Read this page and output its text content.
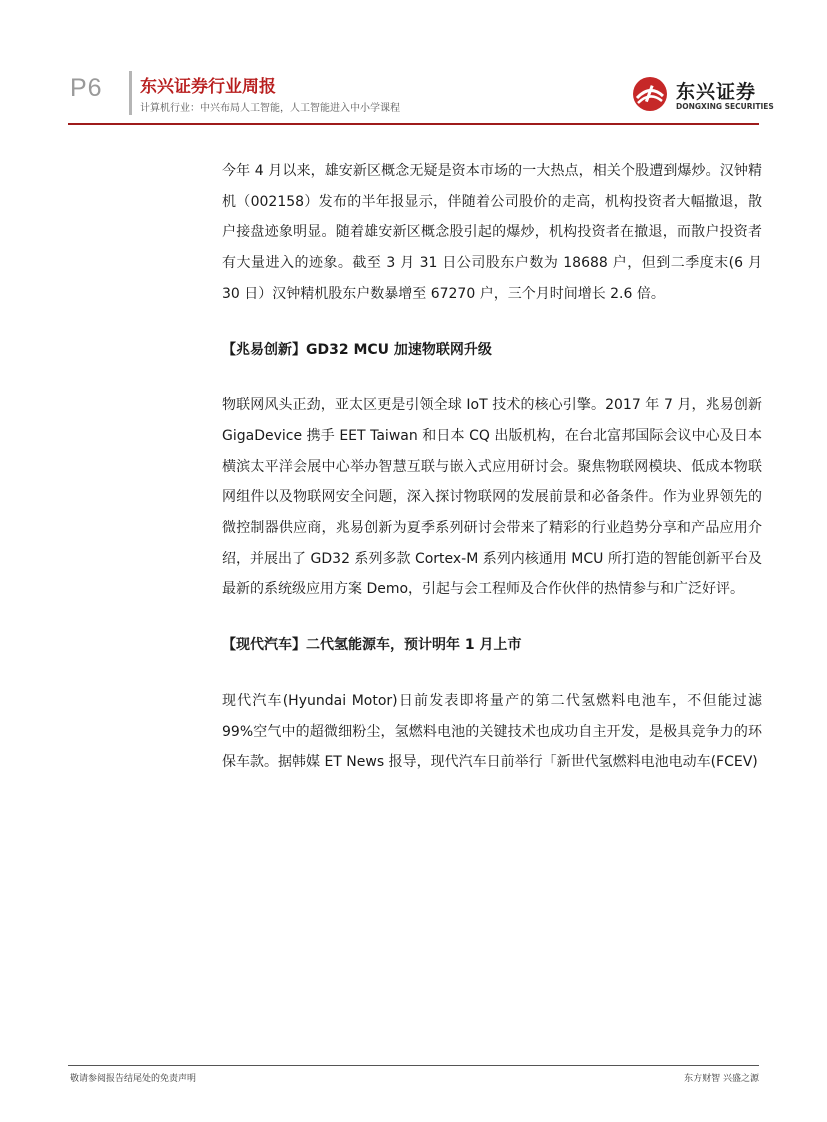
P6 东兴证券行业周报
计算机行业：中兴布局人工智能，人工智能进入中小学课程
东兴证券
DONGXING SECURITIES

今年 4 月以来，雄安新区概念无疑是资本市场的一大热点，相关个股遭到爆炒。汉钟精机（002158）发布的半年报显示，伴随着公司股价的走高，机构投资者大幅撤退，散户接盘迹象明显。随着雄安新区概念股引起的爆炒，机构投资者在撤退，而散户投资者有大量进入的迹象。截至 3 月 31 日公司股东户数为 18688 户，但到二季度末(6 月 30 日）汉钟精机股东户数暴增至 67270 户，三个月时间增长 2.6 倍。

【兆易创新】GD32 MCU 加速物联网升级

物联网风头正劲，亚太区更是引领全球 IoT 技术的核心引擎。2017 年 7 月，兆易创新 GigaDevice 携手 EET Taiwan 和日本 CQ 出版机构，在台北富邦国际会议中心及日本横滨太平洋会展中心举办智慧互联与嵌入式应用研讨会。聚焦物联网模块、低成本物联网组件以及物联网安全问题，深入探讨物联网的发展前景和必备条件。作为业界领先的微控制器供应商，兆易创新为夏季系列研讨会带来了精彩的行业趋势分享和产品应用介绍，并展出了 GD32 系列多款 Cortex-M 系列内核通用 MCU 所打造的智能创新平台及最新的系统级应用方案 Demo，引起与会工程师及合作伙伴的热情参与和广泛好评。

【现代汽车】二代氢能源车，预计明年 1 月上市

现代汽车(Hyundai Motor)日前发表即将量产的第二代氢燃料电池车，不但能过滤 99%空气中的超微细粉尘，氢燃料电池的关键技术也成功自主开发，是极具竞争力的环保车款。据韩媒 ET News 报导，现代汽车日前举行「新世代氢燃料电池电动车(FCEV)

敬请参阅报告结尾处的免责声明	东方财智 兴盛之源
